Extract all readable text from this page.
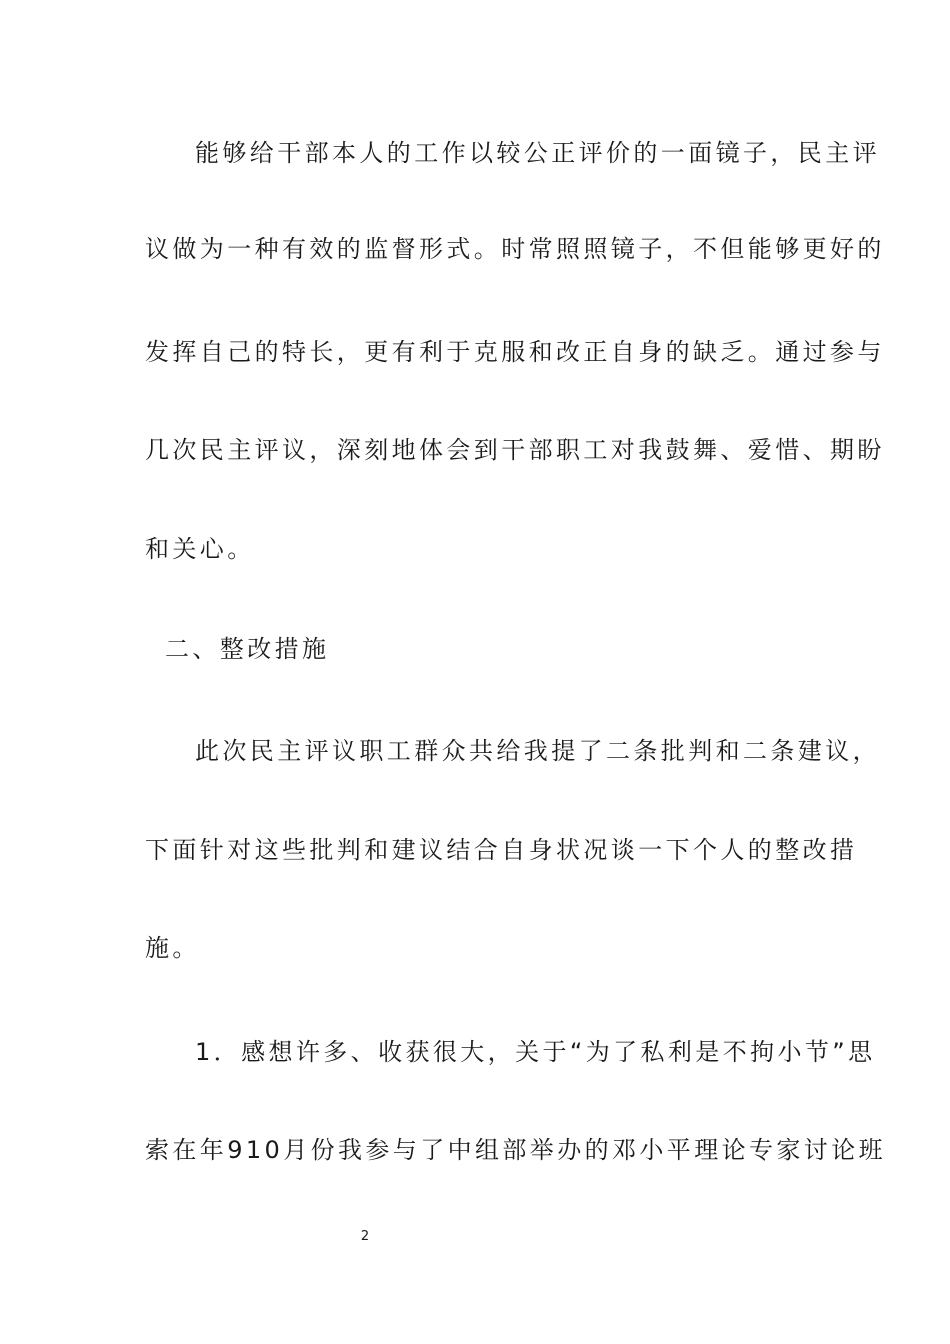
能够给干部本人的工作以较公正评价的一面镜子，民主评
议做为一种有效的监督形式。时常照照镜子，不但能够更好的
发挥自己的特长，更有利于克服和改正自身的缺乏。通过参与
几次民主评议，深刻地体会到干部职工对我鼓舞、爱惜、期盼
和关心。
二、整改措施
此次民主评议职工群众共给我提了二条批判和二条建议，
下面针对这些批判和建议结合自身状况谈一下个人的整改措
施。
1．感想许多、收获很大，关于“为了私利是不拘小节”思
索在年910月份我参与了中组部举办的邓小平理论专家讨论班
2
